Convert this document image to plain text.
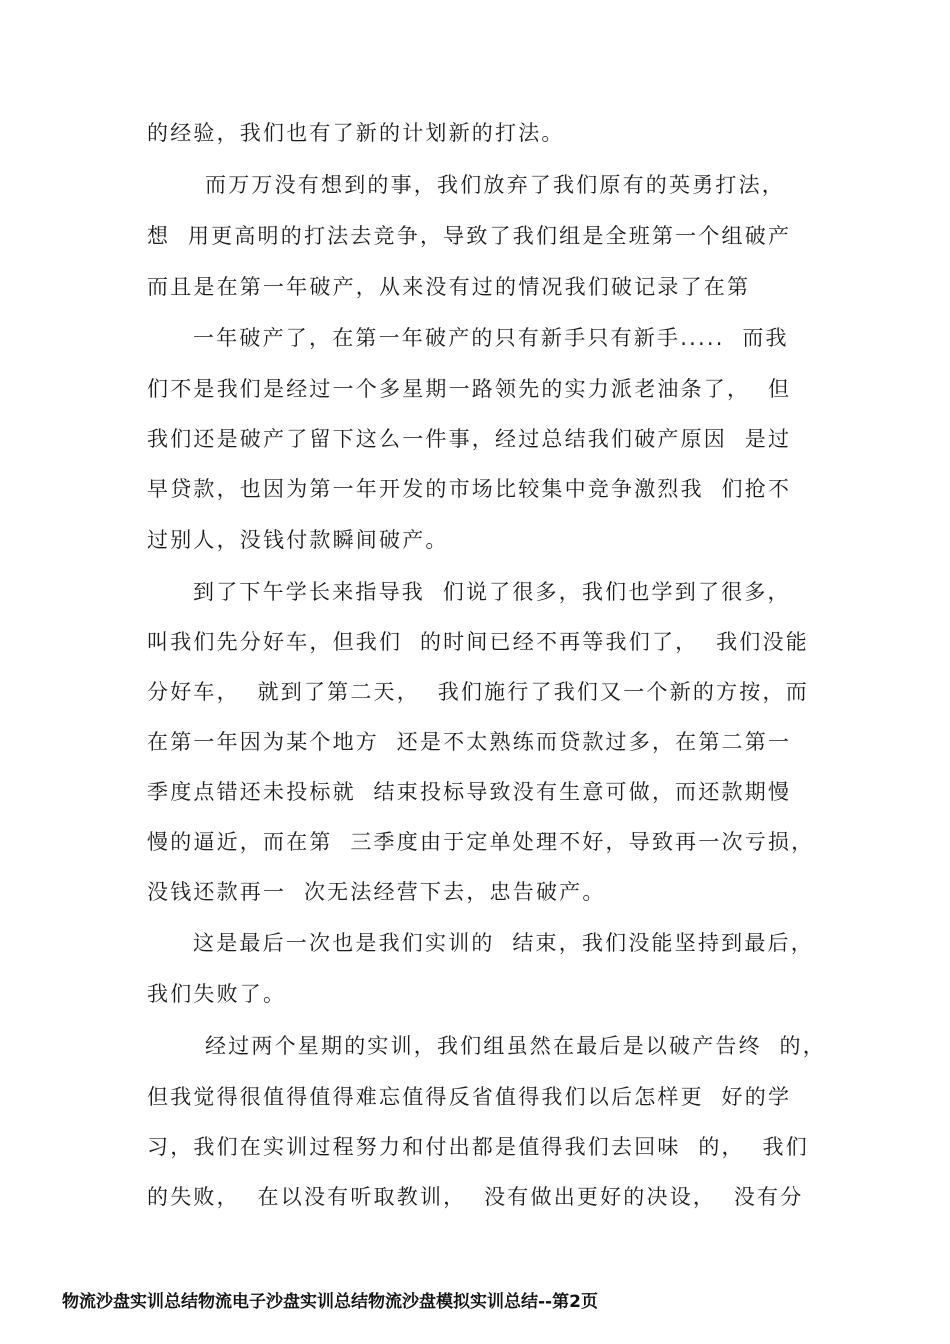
的经验，我们也有了新的计划新的打法。
而万万没有想到的事，我们放弃了我们原有的英勇打法，
想  用更高明的打法去竞争，导致了我们组是全班第一个组破产
而且是在第一年破产，从来没有过的情况我们破记录了在第
一年破产了，在第一年破产的只有新手只有新手.....  而我
们不是我们是经过一个多星期一路领先的实力派老油条了，  但
我们还是破产了留下这么一件事，经过总结我们破产原因  是过
早贷款，也因为第一年开发的市场比较集中竞争激烈我  们抢不
过别人，没钱付款瞬间破产。
到了下午学长来指导我  们说了很多，我们也学到了很多，
叫我们先分好车，但我们  的时间已经不再等我们了，  我们没能
分好车，  就到了第二天，  我们施行了我们又一个新的方按，而
在第一年因为某个地方  还是不太熟练而贷款过多，在第二第一
季度点错还未投标就  结束投标导致没有生意可做，而还款期慢
慢的逼近，而在第  三季度由于定单处理不好，导致再一次亏损，
没钱还款再一  次无法经营下去，忠告破产。
这是最后一次也是我们实训的  结束，我们没能坚持到最后，
我们失败了。
经过两个星期的实训，我们组虽然在最后是以破产告终  的，
但我觉得很值得值得难忘值得反省值得我们以后怎样更  好的学
习，我们在实训过程努力和付出都是值得我们去回味  的，  我们
的失败，  在以没有听取教训，  没有做出更好的决设，  没有分
物流沙盘实训总结物流电子沙盘实训总结物流沙盘模拟实训总结--第2页
